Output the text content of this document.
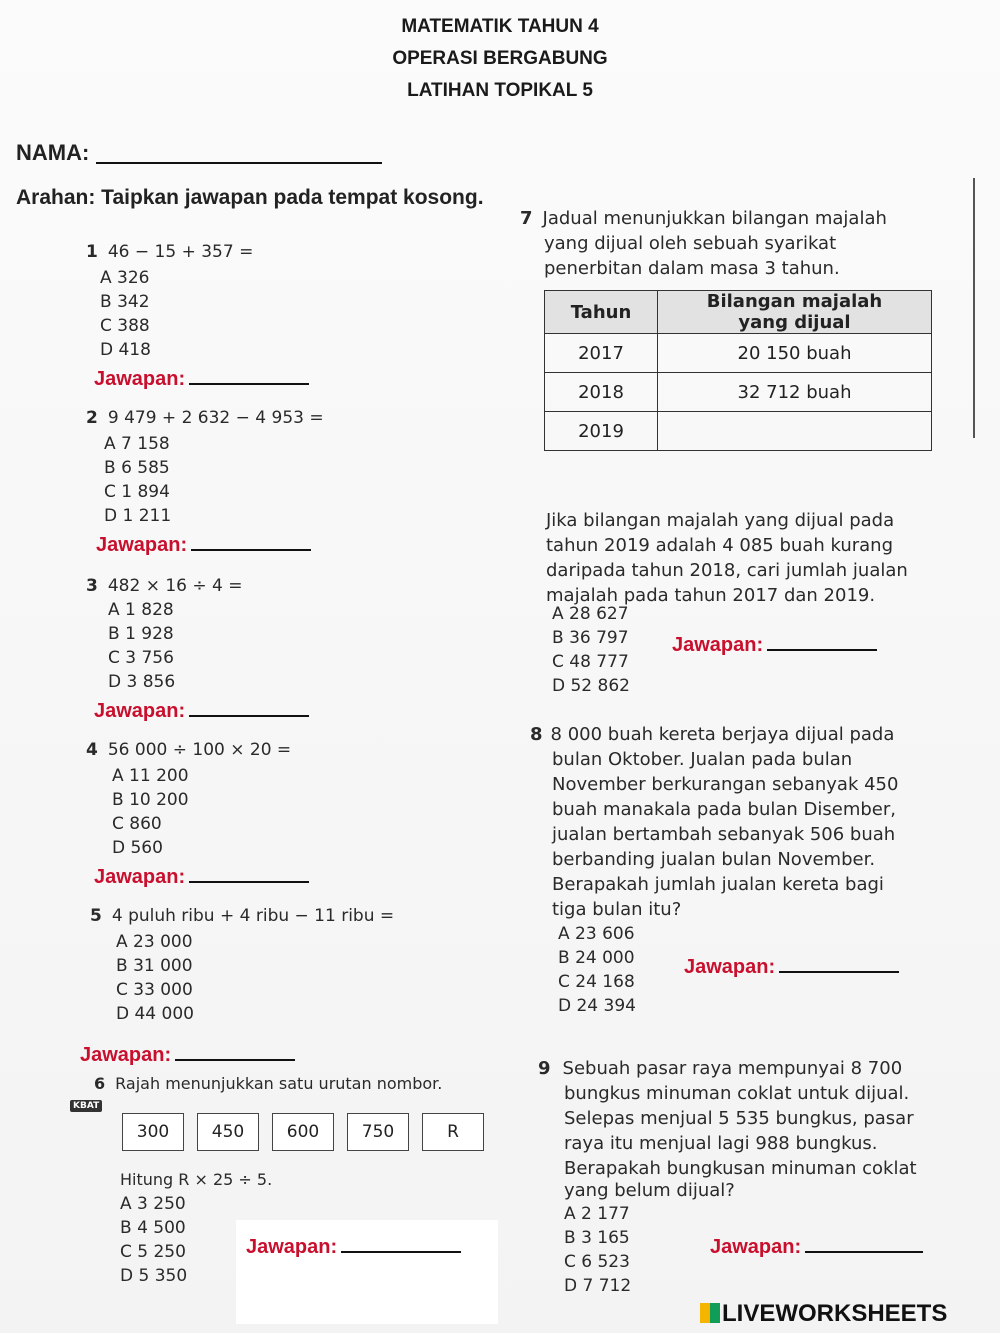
MATEMATIK TAHUN 4
OPERASI BERGABUNG
LATIHAN TOPIKAL 5
NAMA:
Arahan: Taipkan jawapan pada tempat kosong.
1 46 − 15 + 357 =
A 326
B 342
C 388
D 418
Jawapan:
2 9 479 + 2 632 − 4 953 =
A 7 158
B 6 585
C 1 894
D 1 211
Jawapan:
3 482 × 16 ÷ 4 =
A 1 828
B 1 928
C 3 756
D 3 856
Jawapan:
4 56 000 ÷ 100 × 20 =
A 11 200
B 10 200
C 860
D 560
Jawapan:
5 4 puluh ribu + 4 ribu − 11 ribu =
A 23 000
B 31 000
C 33 000
D 44 000
Jawapan:
6 Rajah menunjukkan satu urutan nombor.
KBAT
300	450	600	750	R
Hitung R × 25 ÷ 5.
A 3 250
B 4 500
C 5 250
D 5 350
Jawapan:
7 Jadual menunjukkan bilangan majalah
yang dijual oleh sebuah syarikat
penerbitan dalam masa 3 tahun.
Tahun	Bilangan majalah
yang dijual
2017	20 150 buah
2018	32 712 buah
2019	
Jika bilangan majalah yang dijual pada
tahun 2019 adalah 4 085 buah kurang
daripada tahun 2018, cari jumlah jualan
majalah pada tahun 2017 dan 2019.
A 28 627
B 36 797
C 48 777
D 52 862
Jawapan:
8 8 000 buah kereta berjaya dijual pada
bulan Oktober. Jualan pada bulan
November berkurangan sebanyak 450
buah manakala pada bulan Disember,
jualan bertambah sebanyak 506 buah
berbanding jualan bulan November.
Berapakah jumlah jualan kereta bagi
tiga bulan itu?
A 23 606
B 24 000
C 24 168
D 24 394
Jawapan:
9 Sebuah pasar raya mempunyai 8 700
bungkus minuman coklat untuk dijual.
Selepas menjual 5 535 bungkus, pasar
raya itu menjual lagi 988 bungkus.
Berapakah bungkusan minuman coklat
yang belum dijual?
A 2 177
B 3 165
C 6 523
D 7 712
Jawapan:
LIVEWORKSHEETS
